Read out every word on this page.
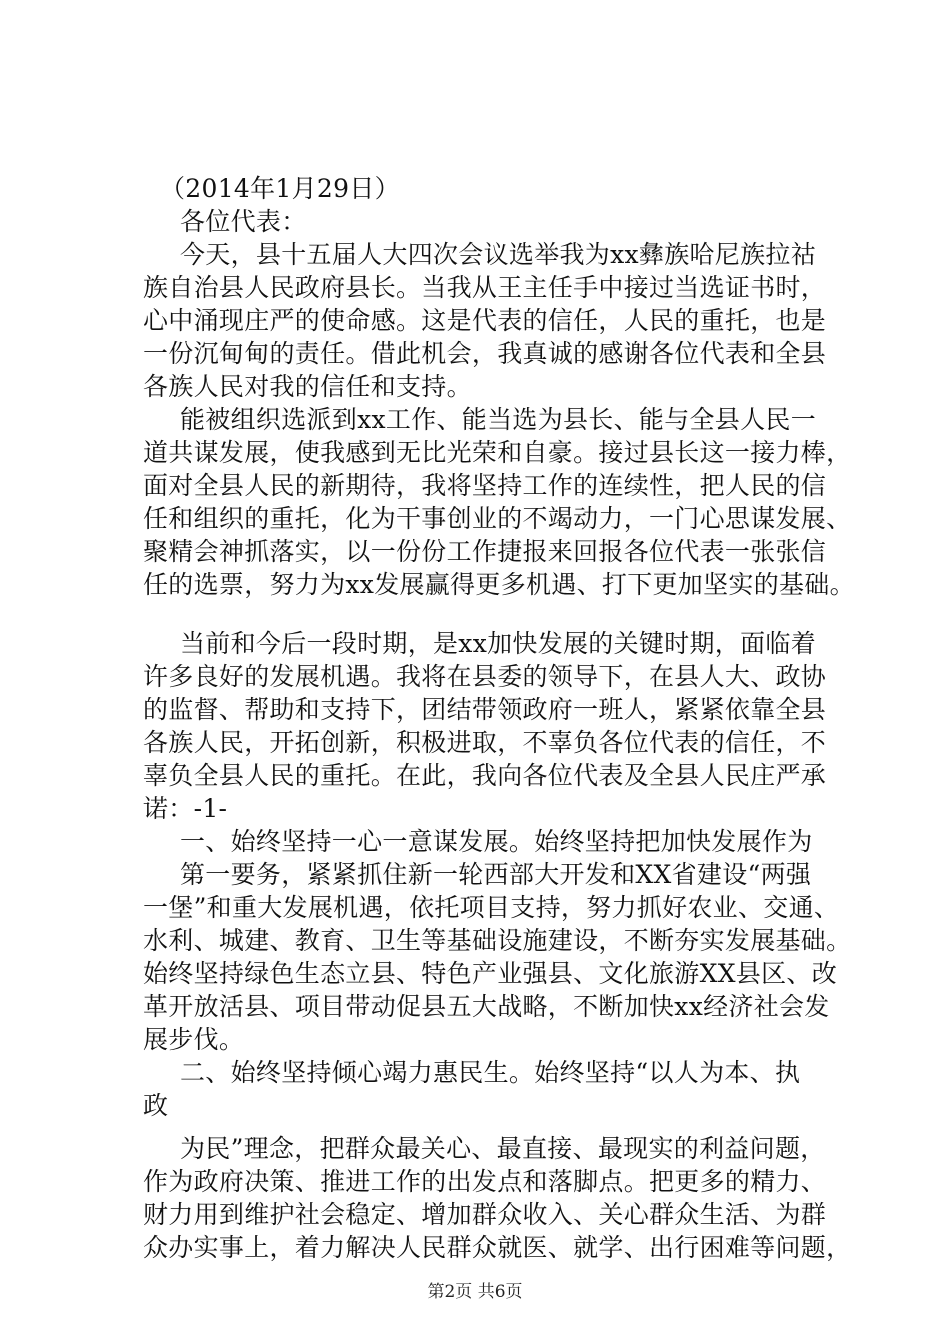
（2014年1月29日）
各位代表：
今天，县十五届人大四次会议选举我为xx彝族哈尼族拉祜
族自治县人民政府县长。当我从王主任手中接过当选证书时，
心中涌现庄严的使命感。这是代表的信任，人民的重托，也是
一份沉甸甸的责任。借此机会，我真诚的感谢各位代表和全县
各族人民对我的信任和支持。
能被组织选派到xx工作、能当选为县长、能与全县人民一
道共谋发展，使我感到无比光荣和自豪。接过县长这一接力棒，
面对全县人民的新期待，我将坚持工作的连续性，把人民的信
任和组织的重托，化为干事创业的不竭动力，一门心思谋发展、
聚精会神抓落实，以一份份工作捷报来回报各位代表一张张信
任的选票，努力为xx发展赢得更多机遇、打下更加坚实的基础。
当前和今后一段时期，是xx加快发展的关键时期，面临着
许多良好的发展机遇。我将在县委的领导下，在县人大、政协
的监督、帮助和支持下，团结带领政府一班人，紧紧依靠全县
各族人民，开拓创新，积极进取，不辜负各位代表的信任，不
辜负全县人民的重托。在此，我向各位代表及全县人民庄严承
诺：-1-
一、始终坚持一心一意谋发展。始终坚持把加快发展作为
第一要务，紧紧抓住新一轮西部大开发和XX省建设“两强
一堡”和重大发展机遇，依托项目支持，努力抓好农业、交通、
水利、城建、教育、卫生等基础设施建设，不断夯实发展基础。
始终坚持绿色生态立县、特色产业强县、文化旅游XX县区、改
革开放活县、项目带动促县五大战略，不断加快xx经济社会发
展步伐。
二、始终坚持倾心竭力惠民生。始终坚持“以人为本、执
政
为民”理念，把群众最关心、最直接、最现实的利益问题，
作为政府决策、推进工作的出发点和落脚点。把更多的精力、
财力用到维护社会稳定、增加群众收入、关心群众生活、为群
众办实事上，着力解决人民群众就医、就学、出行困难等问题，
第2页 共6页
